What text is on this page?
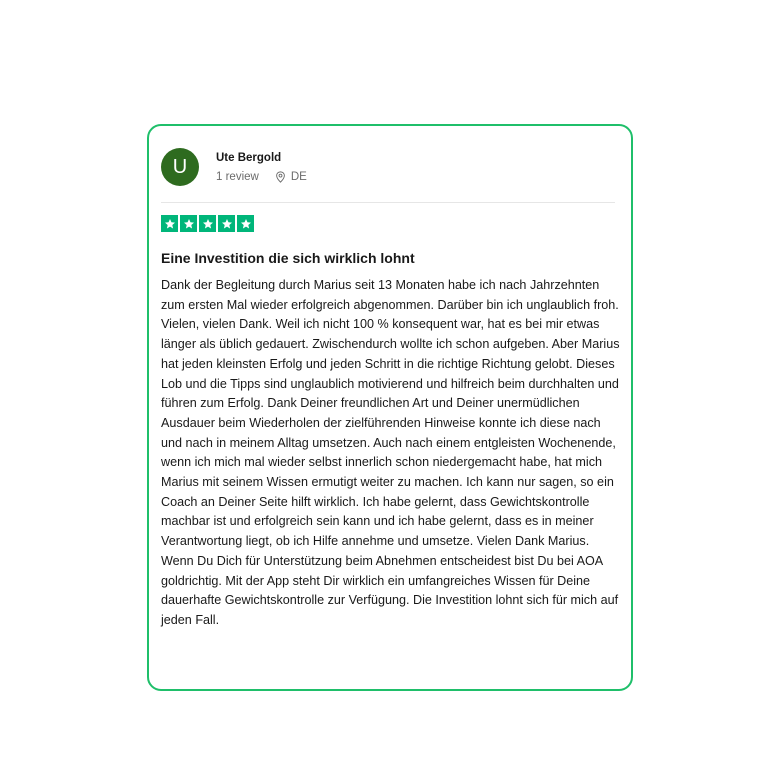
U	Ute Bergold
1 review	DE
Eine Investition die sich wirklich lohnt

Dank der Begleitung durch Marius seit 13 Monaten habe ich nach Jahrzehnten zum ersten Mal wieder erfolgreich abgenommen. Darüber bin ich unglaublich froh. Vielen, vielen Dank. Weil ich nicht 100 % konsequent war, hat es bei mir etwas länger als üblich gedauert. Zwischendurch wollte ich schon aufgeben. Aber Marius hat jeden kleinsten Erfolg und jeden Schritt in die richtige Richtung gelobt. Dieses Lob und die Tipps sind unglaublich motivierend und hilfreich beim durchhalten und führen zum Erfolg. Dank Deiner freundlichen Art und Deiner unermüdlichen Ausdauer beim Wiederholen der zielführenden Hinweise konnte ich diese nach und nach in meinem Alltag umsetzen. Auch nach einem entgleisten Wochenende, wenn ich mich mal wieder selbst innerlich schon niedergemacht habe, hat mich Marius mit seinem Wissen ermutigt weiter zu machen. Ich kann nur sagen, so ein Coach an Deiner Seite hilft wirklich. Ich habe gelernt, dass Gewichtskontrolle machbar ist und erfolgreich sein kann und ich habe gelernt, dass es in meiner Verantwortung liegt, ob ich Hilfe annehme und umsetze. Vielen Dank Marius. Wenn Du Dich für Unterstützung beim Abnehmen entscheidest bist Du bei AOA goldrichtig. Mit der App steht Dir wirklich ein umfangreiches Wissen für Deine dauerhafte Gewichtskontrolle zur Verfügung. Die Investition lohnt sich für mich auf jeden Fall.
